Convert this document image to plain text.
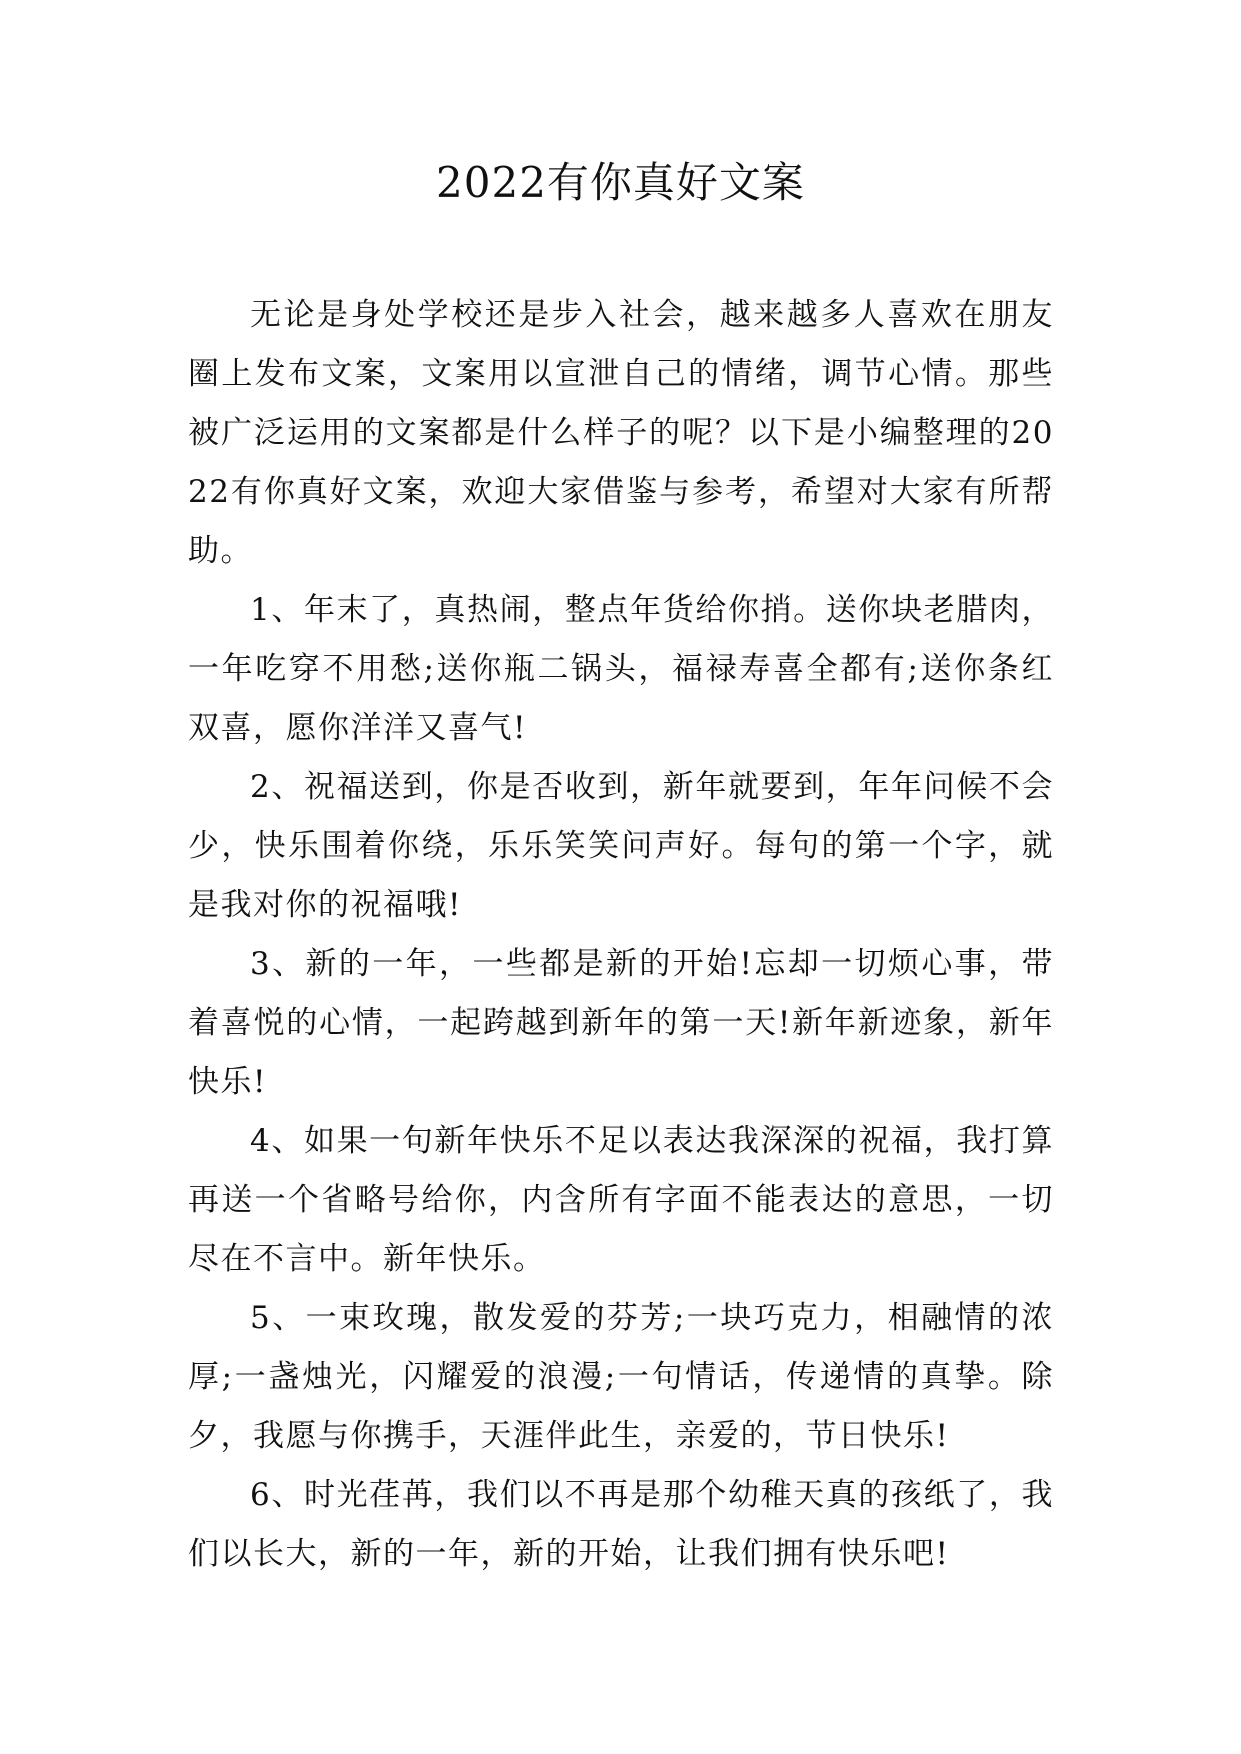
2022有你真好文案

无论是身处学校还是步入社会，越来越多人喜欢在朋友圈上发布文案，文案用以宣泄自己的情绪，调节心情。那些被广泛运用的文案都是什么样子的呢？以下是小编整理的2022有你真好文案，欢迎大家借鉴与参考，希望对大家有所帮助。

1、年末了，真热闹，整点年货给你捎。送你块老腊肉，一年吃穿不用愁;送你瓶二锅头，福禄寿喜全都有;送你条红双喜，愿你洋洋又喜气!

2、祝福送到，你是否收到，新年就要到，年年问候不会少，快乐围着你绕，乐乐笑笑问声好。每句的第一个字，就是我对你的祝福哦!

3、新的一年，一些都是新的开始!忘却一切烦心事，带着喜悦的心情，一起跨越到新年的第一天!新年新迹象，新年快乐!

4、如果一句新年快乐不足以表达我深深的祝福，我打算再送一个省略号给你，内含所有字面不能表达的意思，一切尽在不言中。新年快乐。

5、一束玫瑰，散发爱的芬芳;一块巧克力，相融情的浓厚;一盏烛光，闪耀爱的浪漫;一句情话，传递情的真挚。除夕，我愿与你携手，天涯伴此生，亲爱的，节日快乐!

6、时光荏苒，我们以不再是那个幼稚天真的孩纸了，我们以长大，新的一年，新的开始，让我们拥有快乐吧!
